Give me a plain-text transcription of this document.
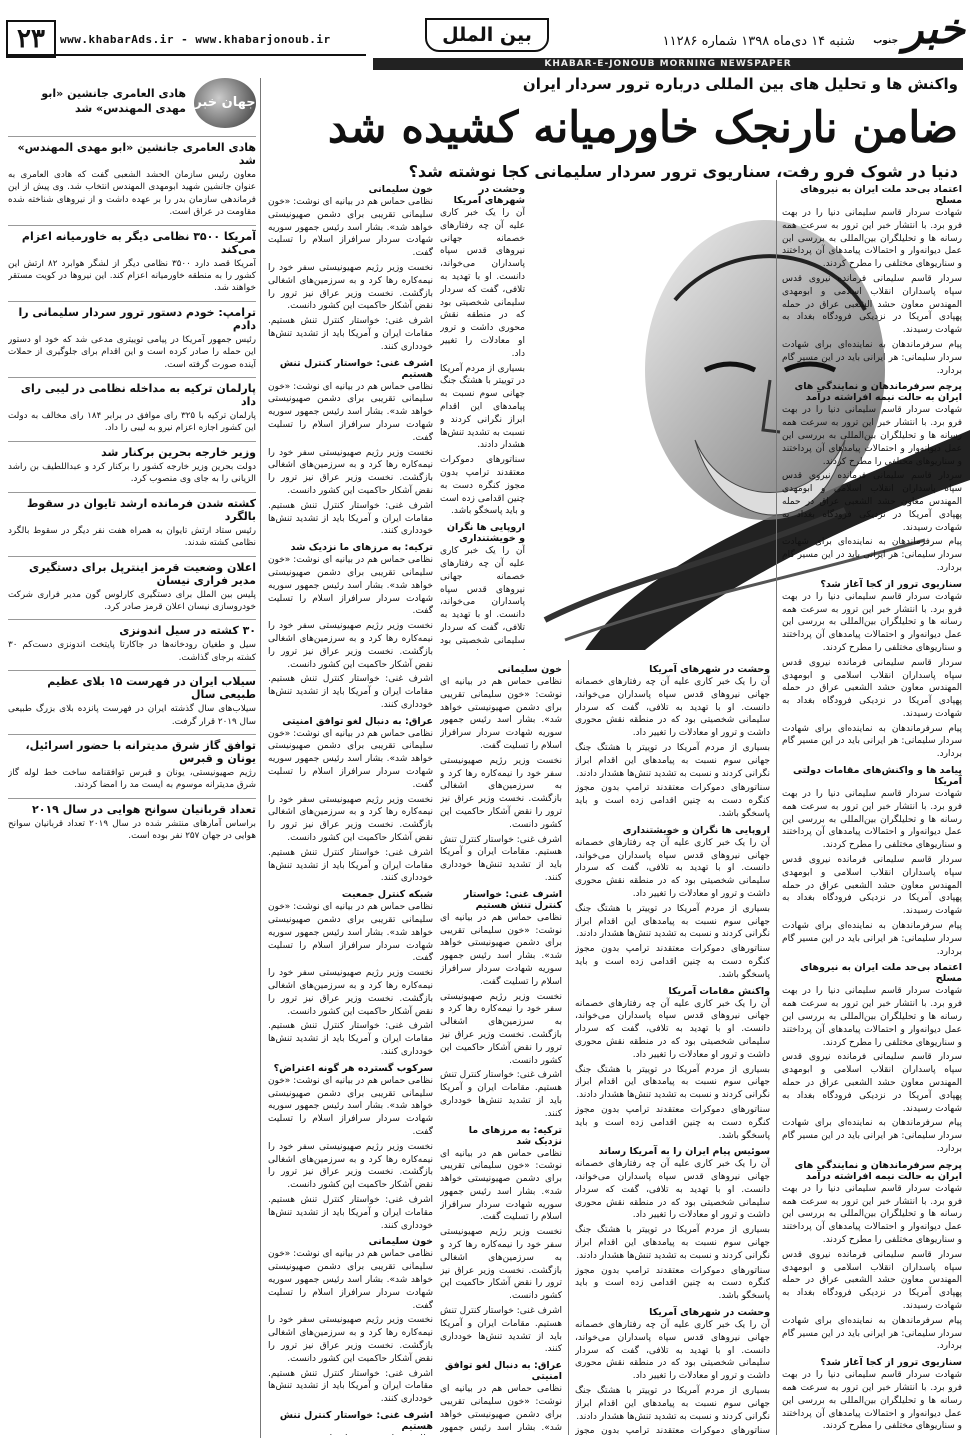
۲۳	www.khabarAds.ir - www.khabarjonoub.ir	بین الملل	شنبه ۱۴ دی‌ماه ۱۳۹۸ شماره ۱۱۲۸۶	خبر جنوب
KHABAR-E-JONOUB MORNING NEWSPAPER
واکنش ها و تحلیل های بین المللی درباره ترور سردار ایران
ضامن نارنجک خاورمیانه کشیده شد
دنیا در شوک فرو رفت، سناریوی ترور سردار سلیمانی کجا نوشته شد؟
جهان خبر
هادی العامری جانشین «ابو مهدی المهندس» شد
هادی العامری جانشین «ابو مهدی المهندس» شد

معاون رئیس سازمان الحشد الشعبی گفت که هادی العامری به عنوان جانشین شهید ابومهدی المهندس انتخاب شد. وی پیش از این فرماندهی سازمان بدر را بر عهده داشت و از نیروهای شناخته شده مقاومت در عراق است.

آمریکا ۳۵۰۰ نظامی دیگر به خاورمیانه اعزام می‌کند

آمریکا قصد دارد ۳۵۰۰ نظامی دیگر از لشگر هوابرد ۸۲ ارتش این کشور را به منطقه خاورمیانه اعزام کند. این نیروها در کویت مستقر خواهند شد.

ترامپ: خودم دستور ترور سردار سلیمانی را دادم

رئیس جمهور آمریکا در پیامی توییتری مدعی شد که خود او دستور این حمله را صادر کرده است و این اقدام برای جلوگیری از حملات آینده صورت گرفته است.

پارلمان ترکیه به مداخله نظامی در لیبی رای داد

پارلمان ترکیه با ۳۲۵ رای موافق در برابر ۱۸۴ رای مخالف به دولت این کشور اجازه اعزام نیرو به لیبی را داد.

وزیر خارجه بحرین برکنار شد

دولت بحرین وزیر خارجه کشور را برکنار کرد و عبداللطیف بن راشد الزیانی را به جای وی منصوب کرد.

کشته شدن فرمانده ارشد تایوان در سقوط بالگرد

رئیس ستاد ارتش تایوان به همراه هفت نفر دیگر در سقوط بالگرد نظامی کشته شدند.

اعلان وضعیت قرمز اینترپل برای دستگیری مدیر فراری نیسان

پلیس بین الملل برای دستگیری کارلوس گون مدیر فراری شرکت خودروسازی نیسان اعلان قرمز صادر کرد.

۳۰ کشته در سیل اندونزی

سیل و طغیان رودخانه‌ها در جاکارتا پایتخت اندونزی دست‌کم ۳۰ کشته برجای گذاشت.

سیلاب ایران در فهرست ۱۵ بلای عظیم طبیعی سال

سیلاب‌های سال گذشته ایران در فهرست پانزده بلای بزرگ طبیعی سال ۲۰۱۹ قرار گرفت.

توافق گاز شرق مدیترانه با حضور اسرائیل، یونان و قبرس

رژیم صهیونیستی، یونان و قبرس توافقنامه ساخت خط لوله گاز شرق مدیترانه موسوم به ایست مد را امضا کردند.

تعداد قربانیان سوانح هوایی در سال ۲۰۱۹

براساس آمارهای منتشر شده در سال ۲۰۱۹ تعداد قربانیان سوانح هوایی در جهان ۲۵۷ نفر بوده است.

اعتماد بی‌حد ملت ایران به نیروهای مسلح

شهادت سردار قاسم سلیمانی دنیا را در بهت فرو برد. با انتشار خبر این ترور به سرعت همه رسانه ها و تحلیلگران بین‌المللی به بررسی این عمل دیوانه‌وار و احتمالات پیامدهای آن پرداختند و سناریوهای مختلفی را مطرح کردند.

سردار قاسم سلیمانی فرمانده نیروی قدس سپاه پاسداران انقلاب اسلامی و ابومهدی المهندس معاون حشد الشعبی عراق در حمله پهپادی آمریکا در نزدیکی فرودگاه بغداد به شهادت رسیدند.

پیام سرفرماندهان به نماینده‌ای برای شهادت سردار سلیمانی: هر ایرانی باید در این مسیر گام بردارد.

پرچم سرفرماندهان و نمایندگی های ایران به حالت نیمه افراشته درآمد

شهادت سردار قاسم سلیمانی دنیا را در بهت فرو برد. با انتشار خبر این ترور به سرعت همه رسانه ها و تحلیلگران بین‌المللی به بررسی این عمل دیوانه‌وار و احتمالات پیامدهای آن پرداختند و سناریوهای مختلفی را مطرح کردند.

سردار قاسم سلیمانی فرمانده نیروی قدس سپاه پاسداران انقلاب اسلامی و ابومهدی المهندس معاون حشد الشعبی عراق در حمله پهپادی آمریکا در نزدیکی فرودگاه بغداد به شهادت رسیدند.

پیام سرفرماندهان به نماینده‌ای برای شهادت سردار سلیمانی: هر ایرانی باید در این مسیر گام بردارد.

سناریوی ترور از کجا آغاز شد؟

شهادت سردار قاسم سلیمانی دنیا را در بهت فرو برد. با انتشار خبر این ترور به سرعت همه رسانه ها و تحلیلگران بین‌المللی به بررسی این عمل دیوانه‌وار و احتمالات پیامدهای آن پرداختند و سناریوهای مختلفی را مطرح کردند.

سردار قاسم سلیمانی فرمانده نیروی قدس سپاه پاسداران انقلاب اسلامی و ابومهدی المهندس معاون حشد الشعبی عراق در حمله پهپادی آمریکا در نزدیکی فرودگاه بغداد به شهادت رسیدند.

پیام سرفرماندهان به نماینده‌ای برای شهادت سردار سلیمانی: هر ایرانی باید در این مسیر گام بردارد.

پیامد ها و واکنش‌های مقامات دولتی آمریکا

شهادت سردار قاسم سلیمانی دنیا را در بهت فرو برد. با انتشار خبر این ترور به سرعت همه رسانه ها و تحلیلگران بین‌المللی به بررسی این عمل دیوانه‌وار و احتمالات پیامدهای آن پرداختند و سناریوهای مختلفی را مطرح کردند.

سردار قاسم سلیمانی فرمانده نیروی قدس سپاه پاسداران انقلاب اسلامی و ابومهدی المهندس معاون حشد الشعبی عراق در حمله پهپادی آمریکا در نزدیکی فرودگاه بغداد به شهادت رسیدند.

پیام سرفرماندهان به نماینده‌ای برای شهادت سردار سلیمانی: هر ایرانی باید در این مسیر گام بردارد.

اعتماد بی‌حد ملت ایران به نیروهای مسلح

شهادت سردار قاسم سلیمانی دنیا را در بهت فرو برد. با انتشار خبر این ترور به سرعت همه رسانه ها و تحلیلگران بین‌المللی به بررسی این عمل دیوانه‌وار و احتمالات پیامدهای آن پرداختند و سناریوهای مختلفی را مطرح کردند.

سردار قاسم سلیمانی فرمانده نیروی قدس سپاه پاسداران انقلاب اسلامی و ابومهدی المهندس معاون حشد الشعبی عراق در حمله پهپادی آمریکا در نزدیکی فرودگاه بغداد به شهادت رسیدند.

پیام سرفرماندهان به نماینده‌ای برای شهادت سردار سلیمانی: هر ایرانی باید در این مسیر گام بردارد.

پرچم سرفرماندهان و نمایندگی های ایران به حالت نیمه افراشته درآمد

شهادت سردار قاسم سلیمانی دنیا را در بهت فرو برد. با انتشار خبر این ترور به سرعت همه رسانه ها و تحلیلگران بین‌المللی به بررسی این عمل دیوانه‌وار و احتمالات پیامدهای آن پرداختند و سناریوهای مختلفی را مطرح کردند.

سردار قاسم سلیمانی فرمانده نیروی قدس سپاه پاسداران انقلاب اسلامی و ابومهدی المهندس معاون حشد الشعبی عراق در حمله پهپادی آمریکا در نزدیکی فرودگاه بغداد به شهادت رسیدند.

پیام سرفرماندهان به نماینده‌ای برای شهادت سردار سلیمانی: هر ایرانی باید در این مسیر گام بردارد.

سناریوی ترور از کجا آغاز شد؟

شهادت سردار قاسم سلیمانی دنیا را در بهت فرو برد. با انتشار خبر این ترور به سرعت همه رسانه ها و تحلیلگران بین‌المللی به بررسی این عمل دیوانه‌وار و احتمالات پیامدهای آن پرداختند و سناریوهای مختلفی را مطرح کردند.

وحشت در شهرهای آمریکا

آن را یک خبر کاری علیه آن چه رفتارهای خصمانه جهانی نیروهای قدس سپاه پاسداران می‌خواند، دانست. او با تهدید به تلافی، گفت که سردار سلیمانی شخصیتی بود که در منطقه نقش محوری داشت و ترور او معادلات را تغییر داد.

بسیاری از مردم آمریکا در توییتر با هشتگ جنگ جهانی سوم نسبت به پیامدهای این اقدام ابراز نگرانی کردند و نسبت به تشدید تنش‌ها هشدار دادند.

سناتورهای دموکرات معتقدند ترامپ بدون مجوز کنگره دست به چنین اقدامی زده است و باید پاسخگو باشد.

اروپایی ها نگران و خویشتنداری

آن را یک خبر کاری علیه آن چه رفتارهای خصمانه جهانی نیروهای قدس سپاه پاسداران می‌خواند، دانست. او با تهدید به تلافی، گفت که سردار سلیمانی شخصیتی بود که در منطقه نقش محوری داشت و ترور او معادلات را تغییر داد.

بسیاری از مردم آمریکا در توییتر با هشتگ جنگ جهانی سوم نسبت به پیامدهای این اقدام ابراز نگرانی کردند و نسبت به تشدید تنش‌ها هشدار دادند.

سناتورهای دموکرات معتقدند ترامپ بدون مجوز کنگره دست به چنین اقدامی زده است و باید پاسخگو باشد.

واکنش مقامات آمریکا

آن را یک خبر کاری علیه آن چه رفتارهای خصمانه جهانی نیروهای قدس سپاه پاسداران می‌خواند، دانست. او با تهدید به تلافی، گفت که سردار سلیمانی شخصیتی بود که در منطقه نقش محوری داشت و ترور او معادلات را تغییر داد.

بسیاری از مردم آمریکا در توییتر با هشتگ جنگ جهانی سوم نسبت به پیامدهای این اقدام ابراز نگرانی کردند و نسبت به تشدید تنش‌ها هشدار دادند.

سناتورهای دموکرات معتقدند ترامپ بدون مجوز کنگره دست به چنین اقدامی زده است و باید پاسخگو باشد.

سوئیس پیام ایران را به آمریکا رساند

آن را یک خبر کاری علیه آن چه رفتارهای خصمانه جهانی نیروهای قدس سپاه پاسداران می‌خواند، دانست. او با تهدید به تلافی، گفت که سردار سلیمانی شخصیتی بود که در منطقه نقش محوری داشت و ترور او معادلات را تغییر داد.

بسیاری از مردم آمریکا در توییتر با هشتگ جنگ جهانی سوم نسبت به پیامدهای این اقدام ابراز نگرانی کردند و نسبت به تشدید تنش‌ها هشدار دادند.

سناتورهای دموکرات معتقدند ترامپ بدون مجوز کنگره دست به چنین اقدامی زده است و باید پاسخگو باشد.

وحشت در شهرهای آمریکا

آن را یک خبر کاری علیه آن چه رفتارهای خصمانه جهانی نیروهای قدس سپاه پاسداران می‌خواند، دانست. او با تهدید به تلافی، گفت که سردار سلیمانی شخصیتی بود که در منطقه نقش محوری داشت و ترور او معادلات را تغییر داد.

بسیاری از مردم آمریکا در توییتر با هشتگ جنگ جهانی سوم نسبت به پیامدهای این اقدام ابراز نگرانی کردند و نسبت به تشدید تنش‌ها هشدار دادند.

سناتورهای دموکرات معتقدند ترامپ بدون مجوز

وحشت در شهرهای آمریکا

آن را یک خبر کاری علیه آن چه رفتارهای خصمانه جهانی نیروهای قدس سپاه پاسداران می‌خواند، دانست. او با تهدید به تلافی، گفت که سردار سلیمانی شخصیتی بود که در منطقه نقش محوری داشت و ترور او معادلات را تغییر داد.

بسیاری از مردم آمریکا در توییتر با هشتگ جنگ جهانی سوم نسبت به پیامدهای این اقدام ابراز نگرانی کردند و نسبت به تشدید تنش‌ها هشدار دادند.

سناتورهای دموکرات معتقدند ترامپ بدون مجوز کنگره دست به چنین اقدامی زده است و باید پاسخگو باشد.

اروپایی ها نگران و خویشتنداری

آن را یک خبر کاری علیه آن چه رفتارهای خصمانه جهانی نیروهای قدس سپاه پاسداران می‌خواند، دانست. او با تهدید به تلافی، گفت که سردار سلیمانی شخصیتی بود

خون سلیمانی

نظامی حماس هم در بیانیه ای نوشت: «خون سلیمانی تقریبی برای دشمن صهیونیستی خواهد شد». بشار اسد رئیس جمهور سوریه شهادت سردار سرافراز اسلام را تسلیت گفت.

نخست وزیر رژیم صهیونیستی سفر خود را نیمه‌کاره رها کرد و به سرزمین‌های اشغالی بازگشت. نخست وزیر عراق نیز ترور را نقض آشکار حاکمیت این کشور دانست.

اشرف غنی: خواستار کنترل تنش هستیم. مقامات ایران و آمریکا باید از تشدید تنش‌ها خودداری کنند.

اشرف غنی: خواستار کنترل تنش هستیم

نظامی حماس هم در بیانیه ای نوشت: «خون سلیمانی تقریبی برای دشمن صهیونیستی خواهد شد». بشار اسد رئیس جمهور سوریه شهادت سردار سرافراز اسلام را تسلیت گفت.

نخست وزیر رژیم صهیونیستی سفر خود را نیمه‌کاره رها کرد و به سرزمین‌های اشغالی بازگشت. نخست وزیر عراق نیز ترور را نقض آشکار حاکمیت این کشور دانست.

اشرف غنی: خواستار کنترل تنش هستیم. مقامات ایران و آمریکا باید از تشدید تنش‌ها خودداری کنند.

ترکیه: به مرزهای ما نزدیک شد

نظامی حماس هم در بیانیه ای نوشت: «خون سلیمانی تقریبی برای دشمن صهیونیستی خواهد شد». بشار اسد رئیس جمهور سوریه شهادت سردار سرافراز اسلام را تسلیت گفت.

نخست وزیر رژیم صهیونیستی سفر خود را نیمه‌کاره رها کرد و به سرزمین‌های اشغالی بازگشت. نخست وزیر عراق نیز ترور را نقض آشکار حاکمیت این کشور دانست.

اشرف غنی: خواستار کنترل تنش هستیم. مقامات ایران و آمریکا باید از تشدید تنش‌ها خودداری کنند.

عراق: به دنبال لغو توافق امنیتی

نظامی حماس هم در بیانیه ای نوشت: «خون سلیمانی تقریبی برای دشمن صهیونیستی خواهد شد». بشار اسد رئیس جمهور سوریه شهادت سردار سرافراز اسلام را تسلیت گفت.

نخست وزیر رژیم صهیونیستی سفر خود را نیمه‌کاره رها کرد و به سرزمین‌های اشغالی بازگشت. نخست وزیر عراق نیز ترور را نقض آشکار حاکمیت این کشور دانست.

اشرف غنی: خواستار کنترل تنش هستیم. مقامات ایران و آمریکا باید از تشدید تنش‌ها خودداری کنند.

شبکه کنترل جمعیت

نظامی حماس هم در بیانیه ای نوشت: «خون سلیمانی تقریبی برای دشمن صهیونیستی خواهد شد». بشار اسد رئیس جمهور سوریه شهادت سردار سرافراز اسلام را تسلیت گفت.

نخست وزیر رژیم صهیونیستی سفر خود را نیمه‌کاره رها کرد و به سرزمین‌های اشغالی بازگشت. نخست وزیر عراق نیز ترور را نقض آشکار حاکمیت این کشور دانست.

اشرف غنی: خواستار کنترل تنش هستیم. مقامات ایران و آمریکا باید از تشدید تنش‌ها خودداری کنند.

سرکوب گسترده هر گونه اعتراض؟

نظامی حماس هم در بیانیه ای نوشت: «خون سلیمانی تقریبی برای دشمن صهیونیستی خواهد شد». بشار اسد رئیس جمهور سوریه شهادت سردار سرافراز اسلام را تسلیت گفت.

نخست وزیر رژیم صهیونیستی سفر خود را نیمه‌کاره رها کرد و به سرزمین‌های اشغالی بازگشت. نخست وزیر عراق نیز ترور را نقض آشکار حاکمیت این کشور دانست.

اشرف غنی: خواستار کنترل تنش هستیم. مقامات ایران و آمریکا باید از تشدید تنش‌ها خودداری کنند.

خون سلیمانی

نظامی حماس هم در بیانیه ای نوشت: «خون سلیمانی تقریبی برای دشمن صهیونیستی خواهد شد». بشار اسد رئیس جمهور سوریه شهادت سردار سرافراز اسلام را تسلیت گفت.

نخست وزیر رژیم صهیونیستی سفر خود را نیمه‌کاره رها کرد و به سرزمین‌های اشغالی بازگشت. نخست وزیر عراق نیز ترور را نقض آشکار حاکمیت این کشور دانست.

اشرف غنی: خواستار کنترل تنش هستیم. مقامات ایران و آمریکا باید از تشدید تنش‌ها خودداری کنند.

اشرف غنی: خواستار کنترل تنش هستیم

خون سلیمانی

نظامی حماس هم در بیانیه ای نوشت: «خون سلیمانی تقریبی برای دشمن صهیونیستی خواهد شد». بشار اسد رئیس جمهور سوریه شهادت سردار سرافراز اسلام را تسلیت گفت.

نخست وزیر رژیم صهیونیستی سفر خود را نیمه‌کاره رها کرد و به سرزمین‌های اشغالی بازگشت. نخست وزیر عراق نیز ترور را نقض آشکار حاکمیت این کشور دانست.

اشرف غنی: خواستار کنترل تنش هستیم. مقامات ایران و آمریکا باید از تشدید تنش‌ها خودداری کنند.

اشرف غنی: خواستار کنترل تنش هستیم

نظامی حماس هم در بیانیه ای نوشت: «خون سلیمانی تقریبی برای دشمن صهیونیستی خواهد شد». بشار اسد رئیس جمهور سوریه شهادت سردار سرافراز اسلام را تسلیت گفت.

نخست وزیر رژیم صهیونیستی سفر خود را نیمه‌کاره رها کرد و به سرزمین‌های اشغالی بازگشت. نخست وزیر عراق نیز ترور را نقض آشکار حاکمیت این کشور دانست.

اشرف غنی: خواستار کنترل تنش هستیم. مقامات ایران و آمریکا باید از تشدید تنش‌ها خودداری کنند.

ترکیه: به مرزهای ما نزدیک شد

نظامی حماس هم در بیانیه ای نوشت: «خون سلیمانی تقریبی برای دشمن صهیونیستی خواهد شد». بشار اسد رئیس جمهور سوریه شهادت سردار سرافراز اسلام را تسلیت گفت.

نخست وزیر رژیم صهیونیستی سفر خود را نیمه‌کاره رها کرد و به سرزمین‌های اشغالی بازگشت. نخست وزیر عراق نیز ترور را نقض آشکار حاکمیت این کشور دانست.

اشرف غنی: خواستار کنترل تنش هستیم. مقامات ایران و آمریکا باید از تشدید تنش‌ها خودداری کنند.

عراق: به دنبال لغو توافق امنیتی

نظامی حماس هم در بیانیه ای نوشت: «خون سلیمانی تقریبی برای دشمن صهیونیستی خواهد شد». بشار اسد رئیس جمهور
